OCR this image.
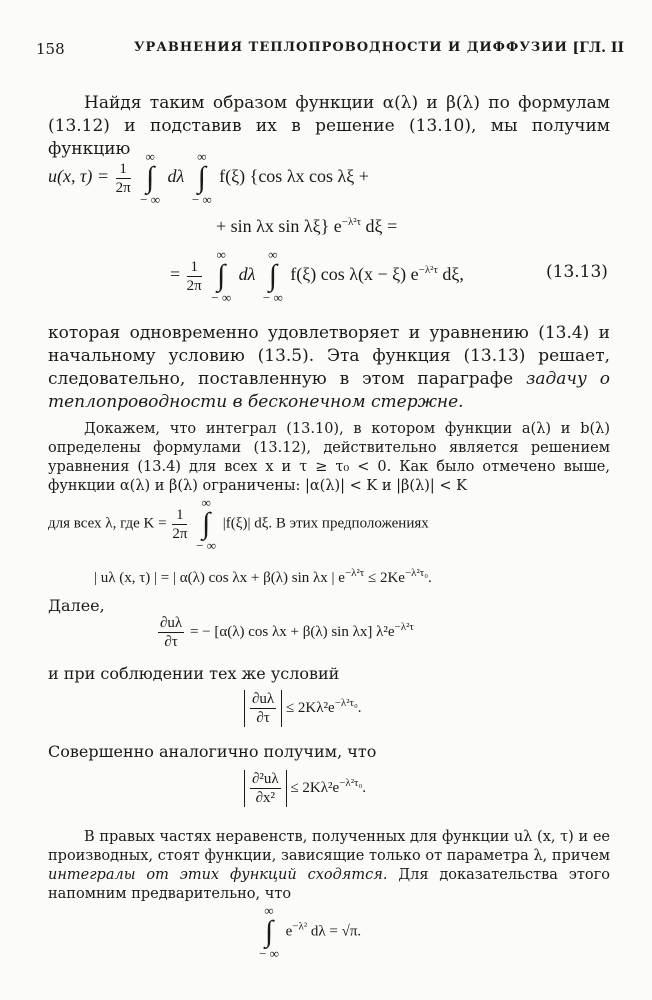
158	УРАВНЕНИЯ ТЕПЛОПРОВОДНОСТИ И ДИФФУЗИИ [ГЛ. II
Найдя таким образом функции α(λ) и β(λ) по формулам (13.12) и подставив их в решение (13.10), мы получим функцию
u(x, $\tau) = \frac{1}{2\pi}$

∞
∫
− ∞
dλ
∞
∫
− ∞
f(ξ) {cos λx cos λξ +
+ sin λx sin λξ} $e^{-\lambda^2\tau}$ dξ =
= $\frac{1}{2\pi}$

∞
∫
− ∞
dλ
∞
∫
− ∞
f(ξ) cos λ(x − ξ) $e^{-\lambda^2\tau}$ dξ,	(13.13)
которая одновременно удовлетворяет и уравнению (13.4) и начальному условию (13.5). Эта функция (13.13) решает, следовательно, поставленную в этом параграфе задачу о теплопроводности в бесконечном стержне.
Докажем, что интеграл (13.10), в котором функции a(λ) и b(λ) определены формулами (13.12), действительно является решением уравнения (13.4) для всех x и τ ≥ τ₀ < 0. Как было отмечено выше, функции α(λ) и β(λ) ограничены: |α(λ)| < K и |β(λ)| < K
для всех λ, где $K = \frac{1}{2\pi}$

∞
∫
− ∞
|f(ξ)| dξ. В этих предположениях
| uλ (x, τ) | = | α(λ) cos λx + β(λ) sin λx | $e^{-\lambda^2\tau} \le 2Ke^{-\lambda^2\tau_0}$.
Далее,
$\frac{\partial u\lambda}{\partial\tau}$ = − [α(λ) cos λx + β(λ) sin λx] $\lambda^2e^{-\lambda^2\tau}$
и при соблюдении тех же условий
$\frac{\partial u\lambda}{\partial\tau} \le 2K\lambda^2e^{-\lambda^2\tau_0}$.
Совершенно аналогично получим, что
$\frac{\text{∂²uλ}}{\text{∂x²}} \le 2K\lambda^2e^{-\lambda^2\tau_0}$.
В правых частях неравенств, полученных для функции uλ (x, τ) и ее производных, стоят функции, зависящие только от параметра λ, причем интегралы от этих функций сходятся. Для доказательства этого напомним предварительно, что
∞
∫
− ∞
$e^{-\lambda^2}$ dλ = √π.
